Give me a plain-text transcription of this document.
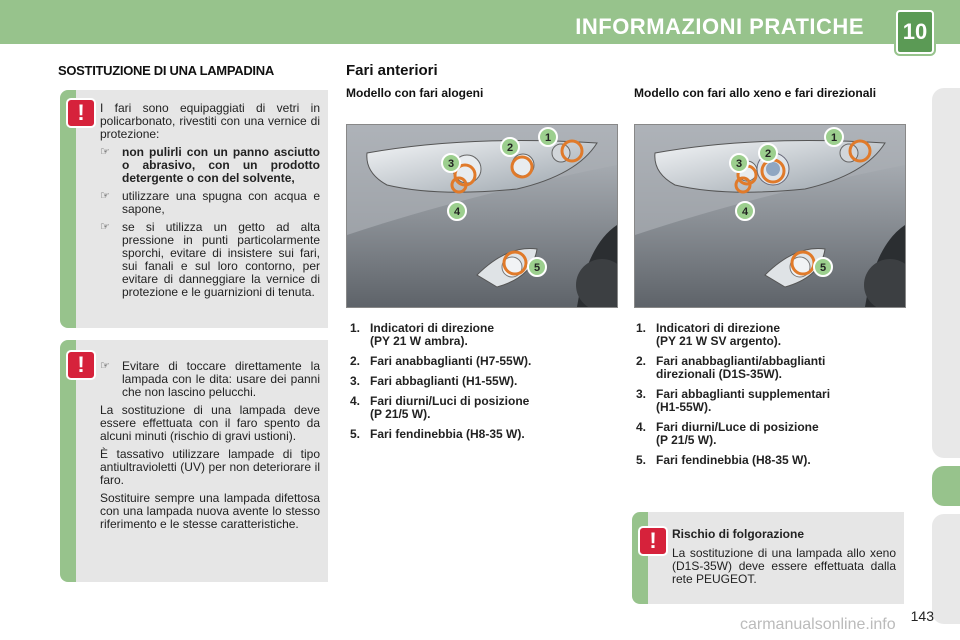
INFORMAZIONI PRATICHE	10
SOSTITUZIONE DI UNA LAMPADINA	Fari anteriori
!	I fari sono equipaggiati di vetri in policarbonato, rivestiti con una vernice di protezione:

☞	non pulirli con un panno asciutto o abrasivo, con un prodotto detergente o con del solvente,
☞	utilizzare una spugna con acqua e sapone,
☞	se si utilizza un getto ad alta pressione in punti particolarmente sporchi, evitare di insistere sui fari, sui fanali e sul loro contorno, per evitare di danneggiare la vernice di protezione e le guarnizioni di tenuta.
!	☞	Evitare di toccare direttamente la lampada con le dita: usare dei panni che non lascino pelucchi.

La sostituzione di una lampada deve essere effettuata con il faro spento da alcuni minuti (rischio di gravi ustioni).

È tassativo utilizzare lampade di tipo antiultravioletti (UV) per non deteriorare il faro.

Sostituire sempre una lampada difettosa con una lampada nuova avente lo stesso riferimento e le stesse caratteristiche.

!	Rischio di folgorazione

La sostituzione di una lampada allo xeno (D1S-35W) deve essere effettuata dalla rete PEUGEOT.

Modello con fari alogeni	Modello con fari allo xeno e fari direzionali
1
2
3
4
5
1
2
3
4
5
1. Indicatori di direzione
(PY 21 W ambra).
2. Fari anabbaglianti (H7-55W).
3. Fari abbaglianti (H1-55W).
4. Fari diurni/Luci di posizione
(P 21/5 W).
5. Fari fendinebbia (H8-35 W).
1. Indicatori di direzione
(PY 21 W SV argento).
2. Fari anabbaglianti/abbaglianti
direzionali (D1S-35W).
3. Fari abbaglianti supplementari
(H1-55W).
4. Fari diurni/Luce di posizione
(P 21/5 W).
5. Fari fendinebbia (H8-35 W).
143
carmanualsonline.info
